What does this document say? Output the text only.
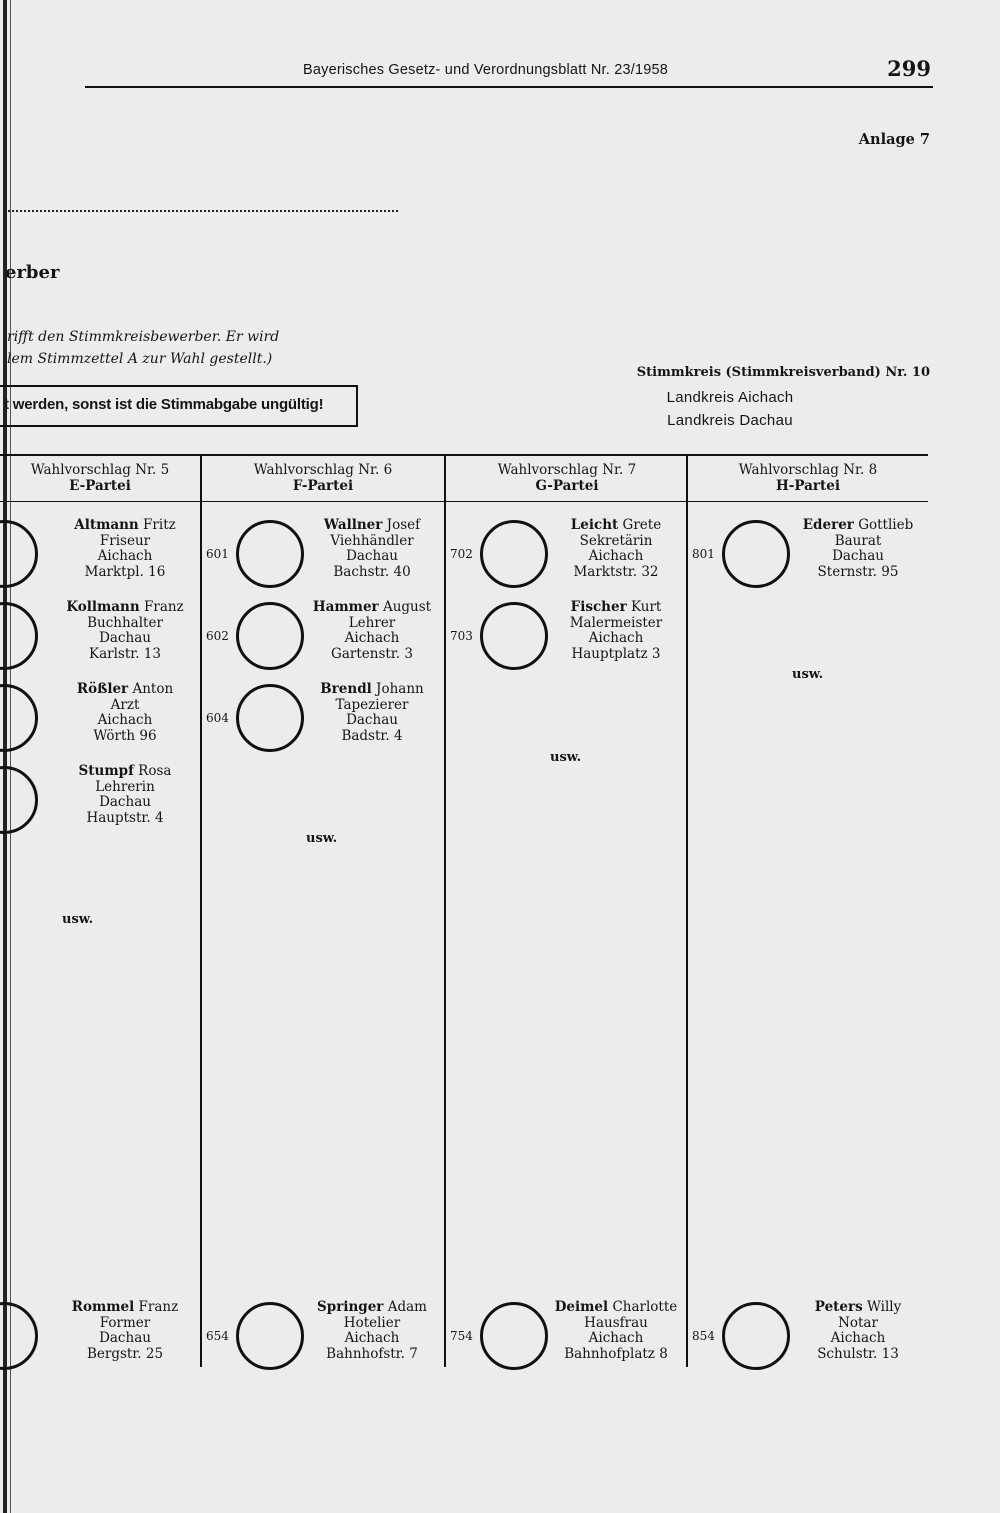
Bayerisches Gesetz- und Verordnungsblatt Nr. 23/1958	299
Anlage 7
erber
rifft den Stimmkreisbewerber. Er wird
lem Stimmzettel A zur Wahl gestellt.)
t werden, sonst ist die Stimmabgabe ungültig!
Stimmkreis (Stimmkreisverband) Nr. 10
Landkreis Aichach
Landkreis Dachau
Wahlvorschlag Nr. 5
E-Partei
Altmann Fritz
Friseur
Aichach
Marktpl. 16
Kollmann Franz
Buchhalter
Dachau
Karlstr. 13
Rößler Anton
Arzt
Aichach
Wörth 96
Stumpf Rosa
Lehrerin
Dachau
Hauptstr. 4
usw.
Rommel Franz
Former
Dachau
Bergstr. 25
Wahlvorschlag Nr. 6
F-Partei
601
Wallner Josef
Viehhändler
Dachau
Bachstr. 40
602
Hammer August
Lehrer
Aichach
Gartenstr. 3
604
Brendl Johann
Tapezierer
Dachau
Badstr. 4
usw.
654
Springer Adam
Hotelier
Aichach
Bahnhofstr. 7
Wahlvorschlag Nr. 7
G-Partei
702
Leicht Grete
Sekretärin
Aichach
Marktstr. 32
703
Fischer Kurt
Malermeister
Aichach
Hauptplatz 3
usw.
754
Deimel Charlotte
Hausfrau
Aichach
Bahnhofplatz 8
Wahlvorschlag Nr. 8
H-Partei
801
Ederer Gottlieb
Baurat
Dachau
Sternstr. 95
usw.
854
Peters Willy
Notar
Aichach
Schulstr. 13
